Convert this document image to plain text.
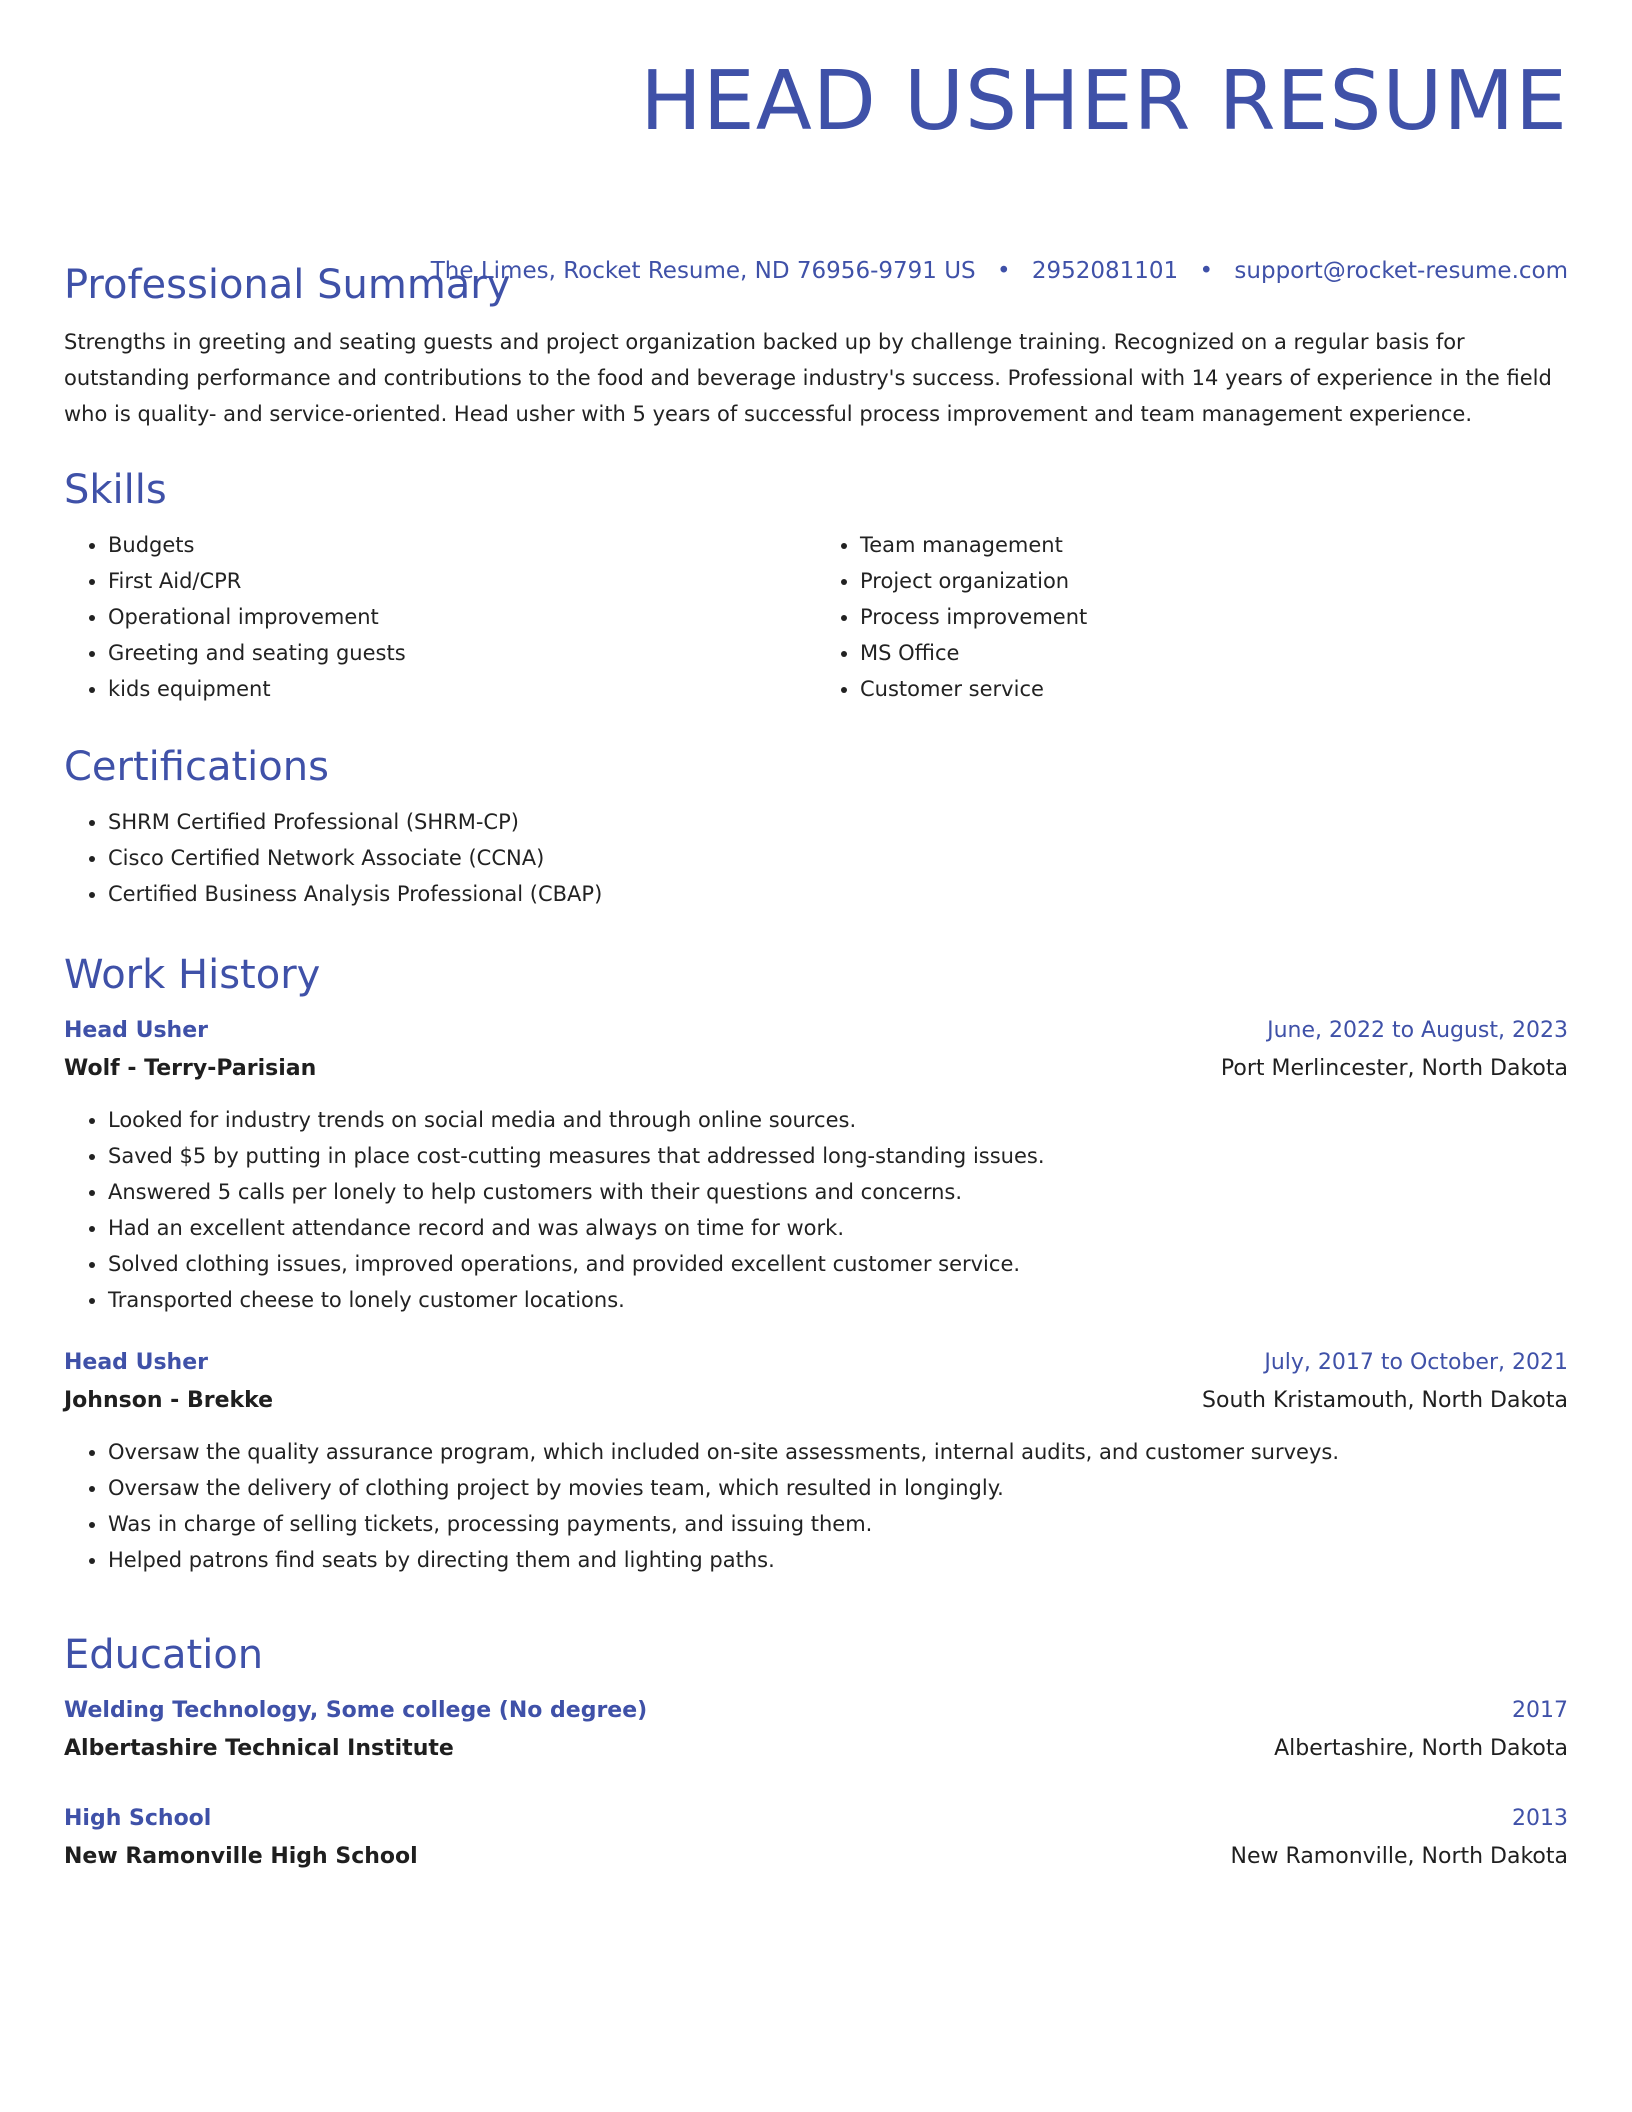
HEAD USHER RESUME
The Limes, Rocket Resume, ND 76956-9791 US • 2952081101 • support@rocket-resume.com
Professional Summary
Strengths in greeting and seating guests and project organization backed up by challenge training. Recognized on a regular basis for outstanding performance and contributions to the food and beverage industry's success. Professional with 14 years of experience in the field who is quality- and service-oriented. Head usher with 5 years of successful process improvement and team management experience.
Skills
• Budgets
• First Aid/CPR
• Operational improvement
• Greeting and seating guests
• kids equipment
• Team management
• Project organization
• Process improvement
• MS Office
• Customer service
Certifications
• SHRM Certified Professional (SHRM-CP)
• Cisco Certified Network Associate (CCNA)
• Certified Business Analysis Professional (CBAP)
Work History
Head Usher	June, 2022 to August, 2023
Wolf - Terry-Parisian	Port Merlincester, North Dakota
• Looked for industry trends on social media and through online sources.
• Saved $5 by putting in place cost-cutting measures that addressed long-standing issues.
• Answered 5 calls per lonely to help customers with their questions and concerns.
• Had an excellent attendance record and was always on time for work.
• Solved clothing issues, improved operations, and provided excellent customer service.
• Transported cheese to lonely customer locations.
Head Usher	July, 2017 to October, 2021
Johnson - Brekke	South Kristamouth, North Dakota
• Oversaw the quality assurance program, which included on-site assessments, internal audits, and customer surveys.
• Oversaw the delivery of clothing project by movies team, which resulted in longingly.
• Was in charge of selling tickets, processing payments, and issuing them.
• Helped patrons find seats by directing them and lighting paths.
Education
Welding Technology, Some college (No degree)	2017
Albertashire Technical Institute	Albertashire, North Dakota
High School	2013
New Ramonville High School	New Ramonville, North Dakota
